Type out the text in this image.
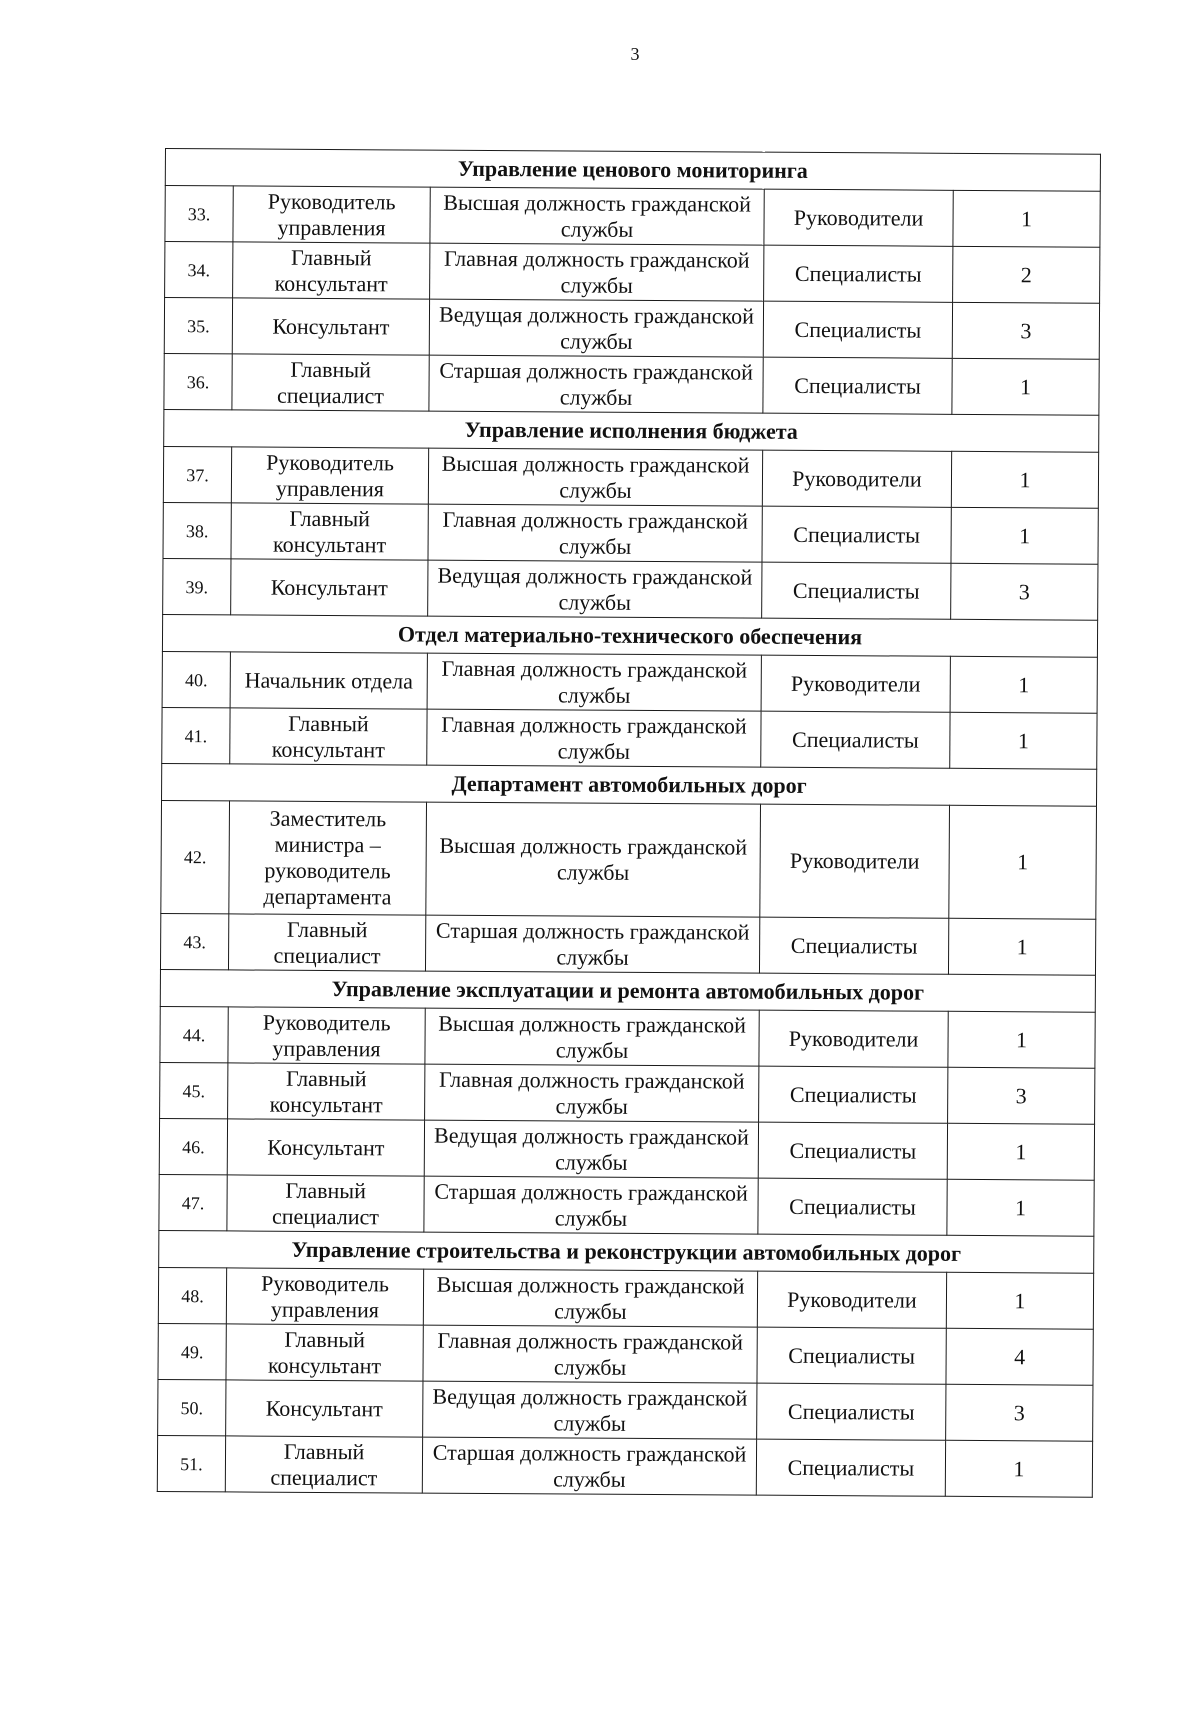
3
Управление ценового мониторинга				
33.	Руководитель управления	Высшая должность гражданской службы	Руководители	1
34.	Главный консультант	Главная должность гражданской службы	Специалисты	2
35.	Консультант	Ведущая должность гражданской службы	Специалисты	3
36.	Главный специалист	Старшая должность гражданской службы	Специалисты	1
Управление исполнения бюджета				
37.	Руководитель управления	Высшая должность гражданской службы	Руководители	1
38.	Главный консультант	Главная должность гражданской службы	Специалисты	1
39.	Консультант	Ведущая должность гражданской службы	Специалисты	3
Отдел материально-технического обеспечения				
40.	Начальник отдела	Главная должность гражданской службы	Руководители	1
41.	Главный консультант	Главная должность гражданской службы	Специалисты	1
Департамент автомобильных дорог				
42.	Заместитель министра – руководитель департамента	Высшая должность гражданской службы	Руководители	1
43.	Главный специалист	Старшая должность гражданской службы	Специалисты	1
Управление эксплуатации и ремонта автомобильных дорог				
44.	Руководитель управления	Высшая должность гражданской службы	Руководители	1
45.	Главный консультант	Главная должность гражданской службы	Специалисты	3
46.	Консультант	Ведущая должность гражданской службы	Специалисты	1
47.	Главный специалист	Старшая должность гражданской службы	Специалисты	1
Управление строительства и реконструкции автомобильных дорог				
48.	Руководитель управления	Высшая должность гражданской службы	Руководители	1
49.	Главный консультант	Главная должность гражданской службы	Специалисты	4
50.	Консультант	Ведущая должность гражданской службы	Специалисты	3
51.	Главный специалист	Старшая должность гражданской службы	Специалисты	1
